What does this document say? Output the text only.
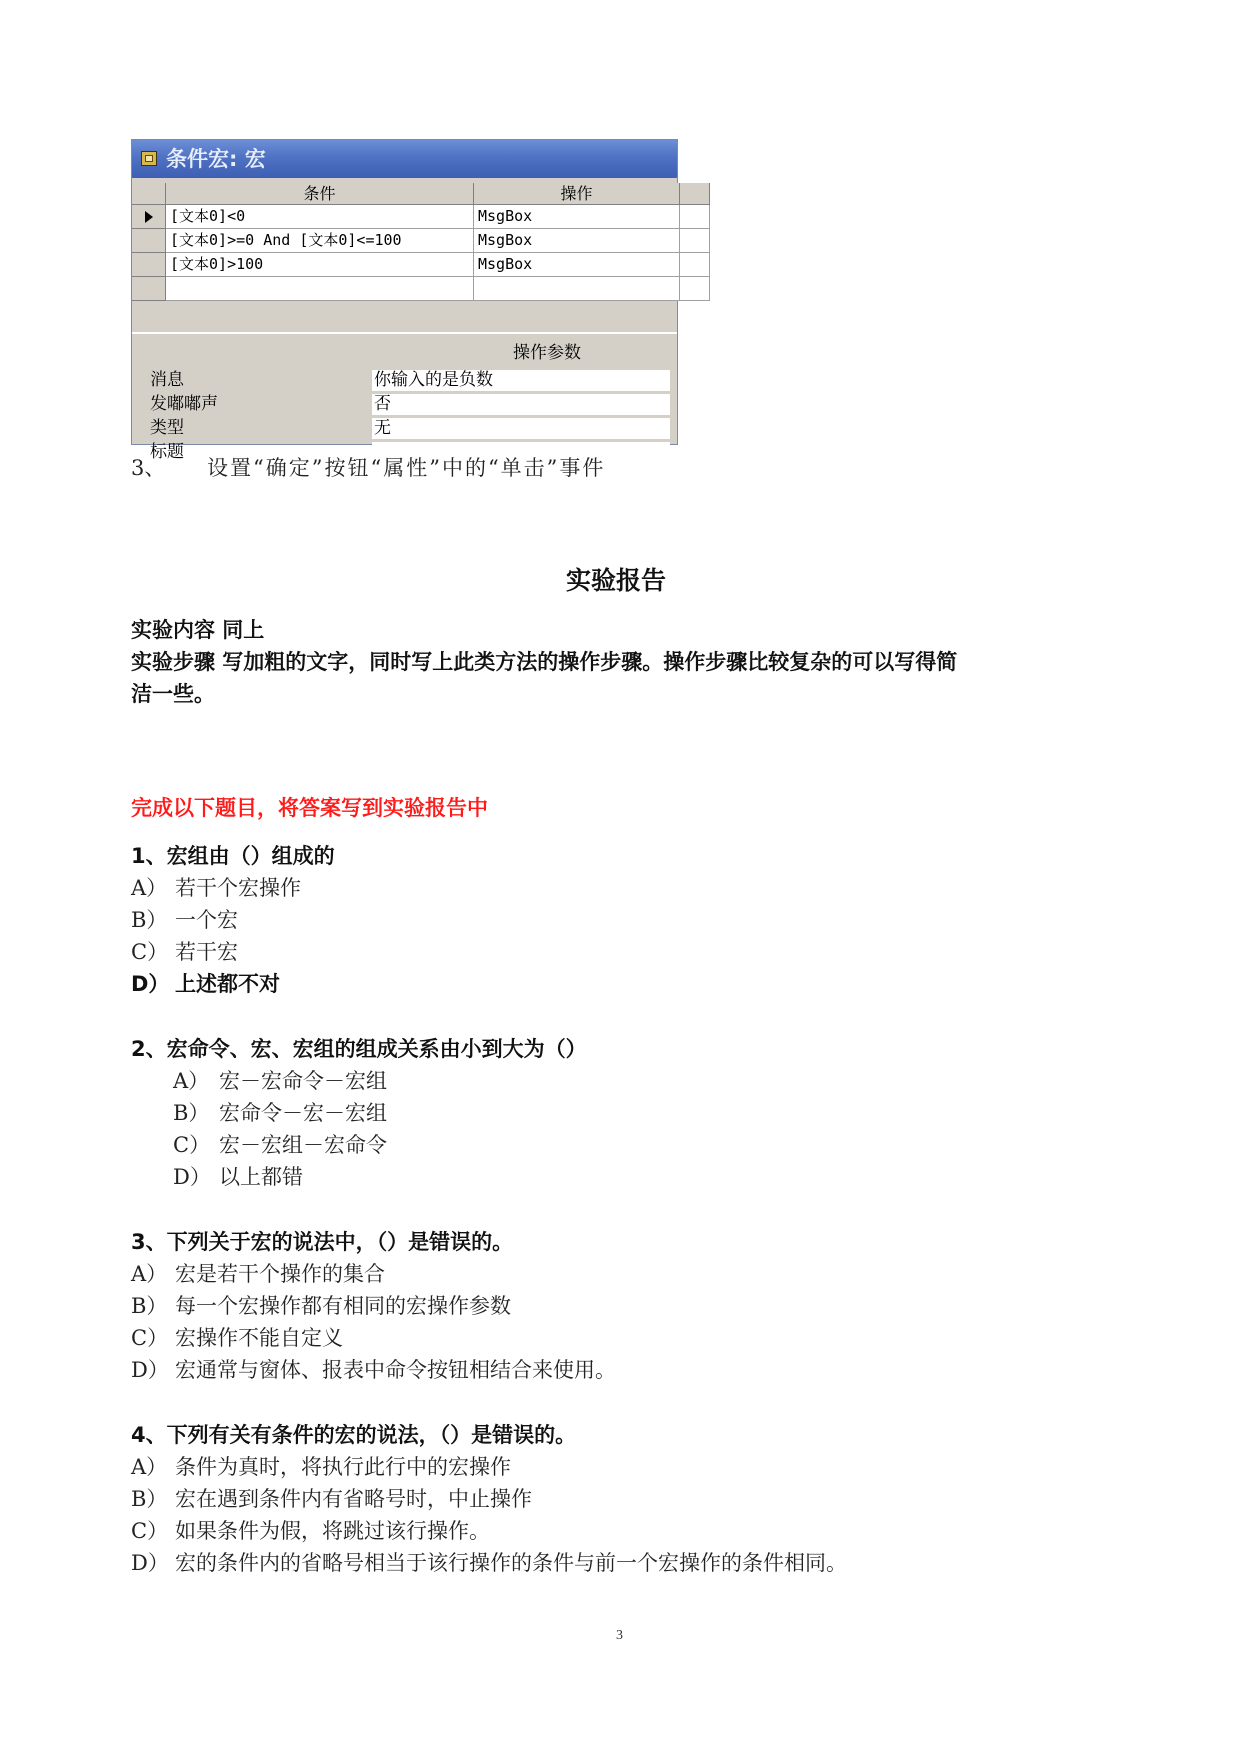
条件宏: 宏
条件	操作
[文本0]<0	MsgBox
[文本0]>=0 And [文本0]<=100	MsgBox
[文本0]>100	MsgBox
操作参数
消息	你输入的是负数
发嘟嘟声	否
类型	无
标题
3、 设置“确定”按钮“属性”中的“单击”事件
实验报告
实验内容 同上
实验步骤 写加粗的文字，同时写上此类方法的操作步骤。操作步骤比较复杂的可以写得简
洁一些。
完成以下题目，将答案写到实验报告中
1、宏组由（）组成的
A） 若干个宏操作
B） 一个宏
C） 若干宏
D） 上述都不对
2、宏命令、宏、宏组的组成关系由小到大为（）
A） 宏－宏命令－宏组
B） 宏命令－宏－宏组
C） 宏－宏组－宏命令
D） 以上都错
3、下列关于宏的说法中，（）是错误的。
A） 宏是若干个操作的集合
B） 每一个宏操作都有相同的宏操作参数
C） 宏操作不能自定义
D） 宏通常与窗体、报表中命令按钮相结合来使用。
4、下列有关有条件的宏的说法，（）是错误的。
A） 条件为真时，将执行此行中的宏操作
B） 宏在遇到条件内有省略号时，中止操作
C） 如果条件为假，将跳过该行操作。
D） 宏的条件内的省略号相当于该行操作的条件与前一个宏操作的条件相同。
3
